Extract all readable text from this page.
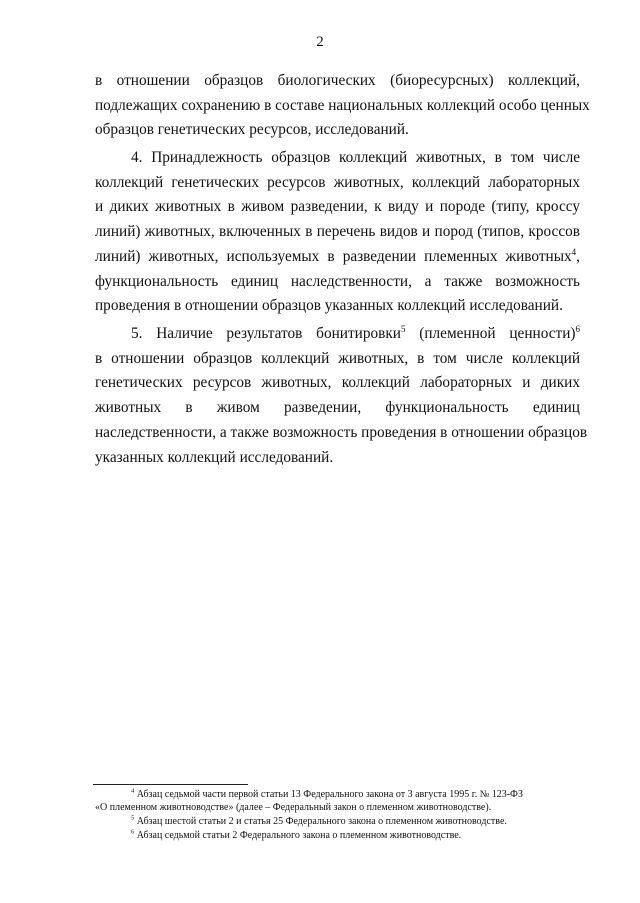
2
в отношении образцов биологических (биоресурсных) коллекций,
подлежащих сохранению в составе национальных коллекций особо ценных
образцов генетических ресурсов, исследований.
4. Принадлежность образцов коллекций животных, в том числе
коллекций генетических ресурсов животных, коллекций лабораторных
и диких животных в живом разведении, к виду и породе (типу, кроссу
линий) животных, включенных в перечень видов и пород (типов, кроссов
линий) животных, используемых в разведении племенных животных$^4$,
функциональность единиц наследственности, а также возможность
проведения в отношении образцов указанных коллекций исследований.
5. Наличие результатов бонитировки$^5$ (племенной ценности)$^6$
в отношении образцов коллекций животных, в том числе коллекций
генетических ресурсов животных, коллекций лабораторных и диких
животных в живом разведении, функциональность единиц
наследственности, а также возможность проведения в отношении образцов
указанных коллекций исследований.
$^4$ Абзац седьмой части первой статьи 13 Федерального закона от 3 августа 1995 г. № 123-ФЗ
«О племенном животноводстве» (далее – Федеральный закон о племенном животноводстве).
$^5$ Абзац шестой статьи 2 и статья 25 Федерального закона о племенном животноводстве.
$^6$ Абзац седьмой статьи 2 Федерального закона о племенном животноводстве.
